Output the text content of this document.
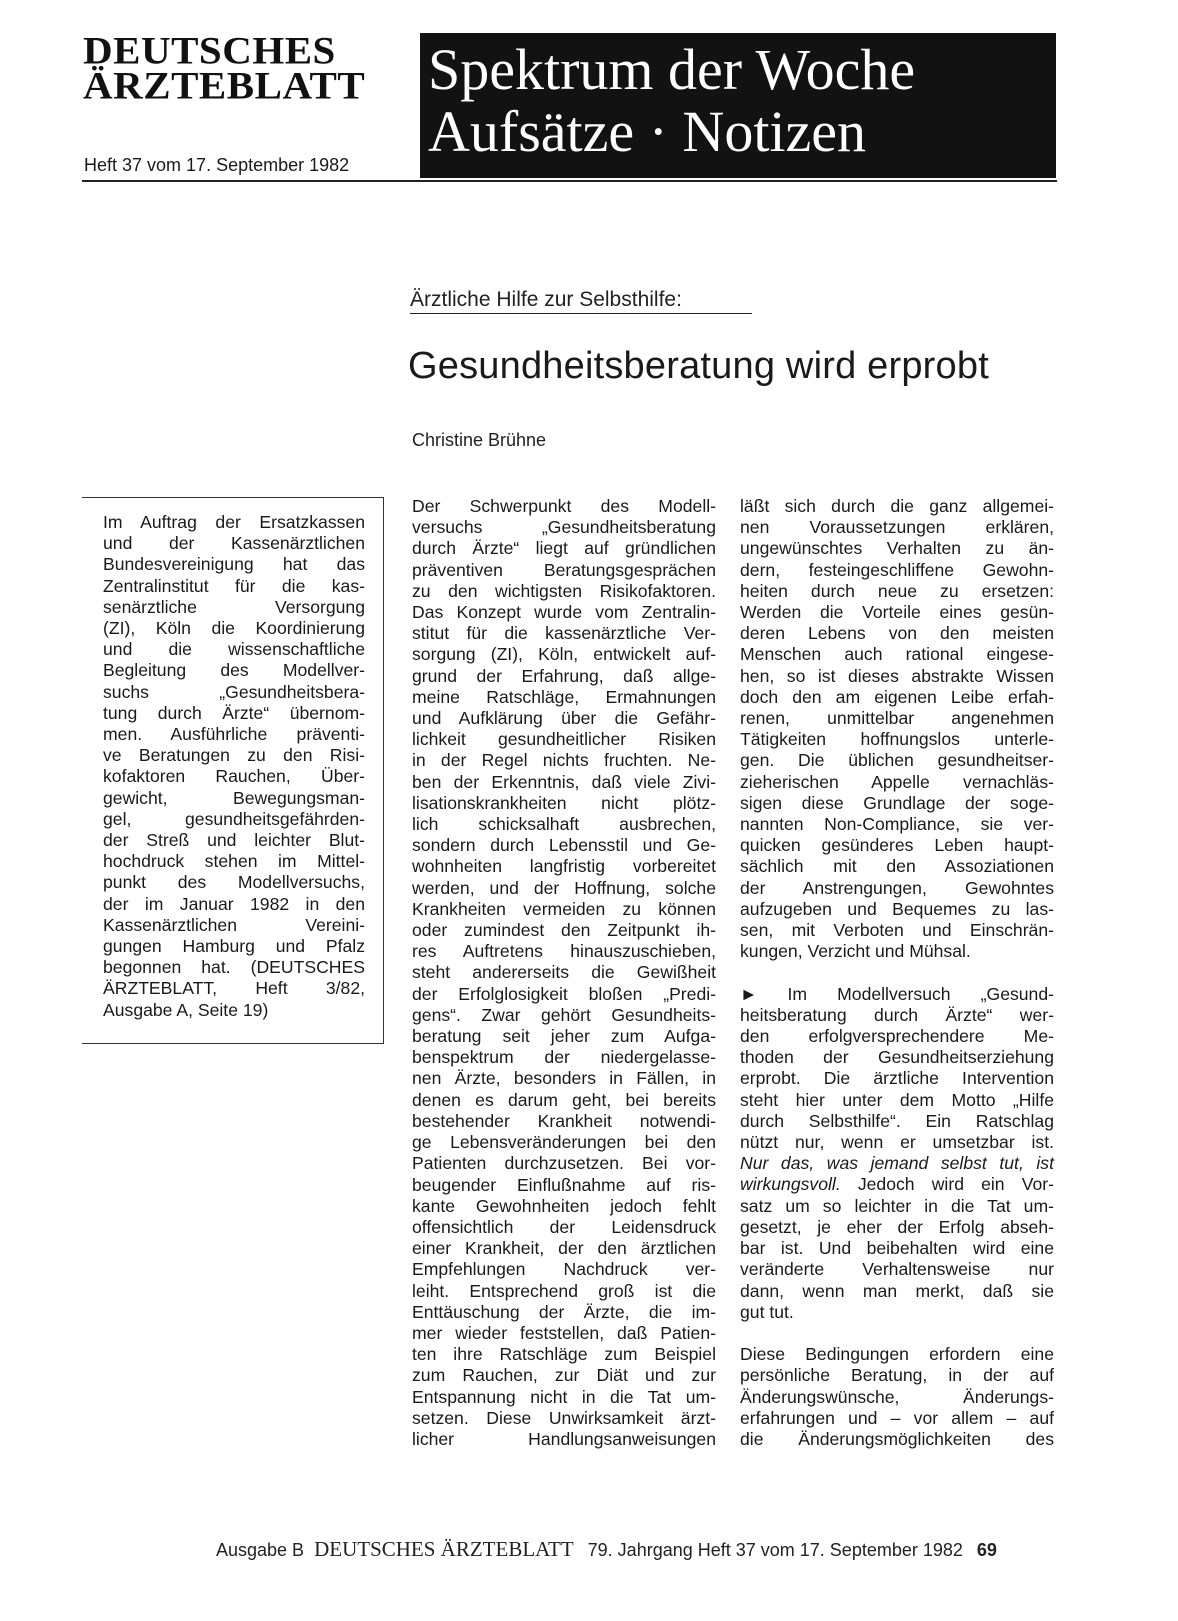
DEUTSCHES
ÄRZTEBLATT
Heft 37 vom 17. September 1982
Spektrum der Woche
Aufsätze · Notizen
Ärztliche Hilfe zur Selbsthilfe:
Gesundheitsberatung wird erprobt
Christine Brühne
Im Auftrag der Ersatzkassen
und der Kassenärztlichen
Bundesvereinigung hat das
Zentralinstitut für die kas-
senärztliche Versorgung
(ZI), Köln die Koordinierung
und die wissenschaftliche
Begleitung des Modellver-
suchs „Gesundheitsbera-
tung durch Ärzte“ übernom-
men. Ausführliche präventi-
ve Beratungen zu den Risi-
kofaktoren Rauchen, Über-
gewicht, Bewegungsman-
gel, gesundheitsgefährden-
der Streß und leichter Blut-
hochdruck stehen im Mittel-
punkt des Modellversuchs,
der im Januar 1982 in den
Kassenärztlichen Vereini-
gungen Hamburg und Pfalz
begonnen hat. (DEUTSCHES
ÄRZTEBLATT, Heft 3/82,
Ausgabe A, Seite 19)
Der Schwerpunkt des Modell-
versuchs „Gesundheitsberatung
durch Ärzte“ liegt auf gründlichen
präventiven Beratungsgesprächen
zu den wichtigsten Risikofaktoren.
Das Konzept wurde vom Zentralin-
stitut für die kassenärztliche Ver-
sorgung (ZI), Köln, entwickelt auf-
grund der Erfahrung, daß allge-
meine Ratschläge, Ermahnungen
und Aufklärung über die Gefähr-
lichkeit gesundheitlicher Risiken
in der Regel nichts fruchten. Ne-
ben der Erkenntnis, daß viele Zivi-
lisationskrankheiten nicht plötz-
lich schicksalhaft ausbrechen,
sondern durch Lebensstil und Ge-
wohnheiten langfristig vorbereitet
werden, und der Hoffnung, solche
Krankheiten vermeiden zu können
oder zumindest den Zeitpunkt ih-
res Auftretens hinauszuschieben,
steht andererseits die Gewißheit
der Erfolglosigkeit bloßen „Predi-
gens“. Zwar gehört Gesundheits-
beratung seit jeher zum Aufga-
benspektrum der niedergelasse-
nen Ärzte, besonders in Fällen, in
denen es darum geht, bei bereits
bestehender Krankheit notwendi-
ge Lebensveränderungen bei den
Patienten durchzusetzen. Bei vor-
beugender Einflußnahme auf ris-
kante Gewohnheiten jedoch fehlt
offensichtlich der Leidensdruck
einer Krankheit, der den ärztlichen
Empfehlungen Nachdruck ver-
leiht. Entsprechend groß ist die
Enttäuschung der Ärzte, die im-
mer wieder feststellen, daß Patien-
ten ihre Ratschläge zum Beispiel
zum Rauchen, zur Diät und zur
Entspannung nicht in die Tat um-
setzen. Diese Unwirksamkeit ärzt-
licher Handlungsanweisungen
läßt sich durch die ganz allgemei-
nen Voraussetzungen erklären,
ungewünschtes Verhalten zu än-
dern, festeingeschliffene Gewohn-
heiten durch neue zu ersetzen:
Werden die Vorteile eines gesün-
deren Lebens von den meisten
Menschen auch rational eingese-
hen, so ist dieses abstrakte Wissen
doch den am eigenen Leibe erfah-
renen, unmittelbar angenehmen
Tätigkeiten hoffnungslos unterle-
gen. Die üblichen gesundheitser-
zieherischen Appelle vernachläs-
sigen diese Grundlage der soge-
nannten Non-Compliance, sie ver-
quicken gesünderes Leben haupt-
sächlich mit den Assoziationen
der Anstrengungen, Gewohntes
aufzugeben und Bequemes zu las-
sen, mit Verboten und Einschrän-
kungen, Verzicht und Mühsal.
► Im Modellversuch „Gesund-
heitsberatung durch Ärzte“ wer-
den erfolgversprechendere Me-
thoden der Gesundheitserziehung
erprobt. Die ärztliche Intervention
steht hier unter dem Motto „Hilfe
durch Selbsthilfe“. Ein Ratschlag
nützt nur, wenn er umsetzbar ist.
Nur das, was jemand selbst tut, ist
wirkungsvoll. Jedoch wird ein Vor-
satz um so leichter in die Tat um-
gesetzt, je eher der Erfolg abseh-
bar ist. Und beibehalten wird eine
veränderte Verhaltensweise nur
dann, wenn man merkt, daß sie
gut tut.
Diese Bedingungen erfordern eine
persönliche Beratung, in der auf
Änderungswünsche, Änderungs-
erfahrungen und – vor allem – auf
die Änderungsmöglichkeiten des
Ausgabe B DEUTSCHES ÄRZTEBLATT 79. Jahrgang Heft 37 vom 17. September 1982 69
